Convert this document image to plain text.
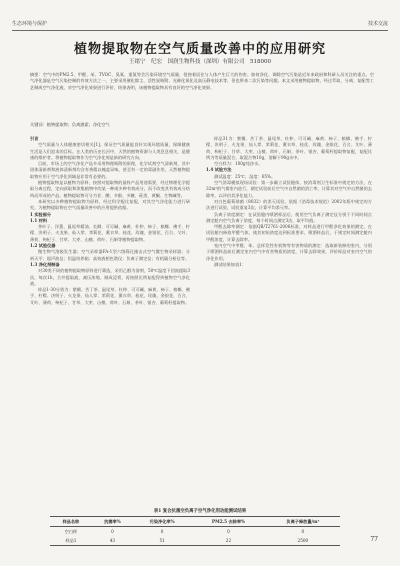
生态环境与保护	技术交流
植物提取物在空气质量改善中的应用研究
王绪宁　纪宏　国润生物科技（深圳）有限公司　518000
摘要：空气中的PM2.5、甲醛、苯、TVOC、臭氧、重氮等会污染环境空气质量，侵蚀着居住与人体产生巨大的伤害。如何净化、调除空气污染是近年来政府和科研人员关注的重点。空气净化器是空气污染控制的有效方法之一，主要采用催化除尘、活性炭吸附、光催化氧化及高压静电技术等，但也带来二次污染等问题。本文采用植物提取物，经过萃取、分离、复配等工艺制成空气净化液，对空气净化效果进行评价，结果表明，该植物提取物具有良好的空气净化效果。
关键词：植物提取物；负离激素；净化空气

引言

空气质量与人体健康密切相关[1]。保证空气质量能良好实现环境质量，保障健康生活是人们追求的目标。在人类的历史长河中，天然的植物资源与人类息息相关，是健康的维护者。将植物提取物作为空气净化剂是新的研究方向。

目前，市场上的空气净化产品多采用物理吸附的原理，化学试剂空气清新剂，其中固体清新剂和液体清新剂均含有香精以掩盖异味，甚至有一定的毒副作用，天然植物提取物应用于空气净化领域是非常有必要的。

植物提取物是以植物为原料，按照对提取物的最终产品用途需要，经过物理化学提取分离过程，定向获取和浓集植物中的某一种或多种有效成分，而不改变其有效成分结构而形成的产品。植物提取物可分为苷、酸、多酚、多糖、萜类、黄酮、生物碱等。

本研究以多种植物提取物为原料，经过科学配比复配，对其空气净化能力进行研究，为植物提取物在空气质量改善中的应用提供依据。

1 实验部分

1.1 材料

茶叶子、洋葱、鼠尾草精油、长柳、可可碱、麻黄、杜仲、柿子、槟榔、佛手、柠檬、决明子、火龙果、仙人掌、茉莉花、薰衣草、桂花、玫瑰、金银花、百合、艾叶、薄荷、枸杞子、甘草、大枣、山楂、荷叶、石斛等植物提取物。

1.2 试验仪器

微生物气溶胶发生器；空气采样器FA-1型六级筛孔撞击式空气微生物采样器；分析天平；超声波仪；恒温培养箱；高效液相色谱仪；负离子测定仪；有机碳分析仪等。

1.3 净化剂制备

对30类不同的植物提取物原料进行筛选，采用乙醇为溶剂，50℃温度下回流提取3次，每次1h，合并提取液，减压浓缩，制成浸膏，再按照比例复配得到植物空气净化液。

样品1-30分别为：紫檀、苦丁茶、鼠尾草、杜仲、可可碱、麻黄、柿子、槟榔、佛手、柠檬、决明子、火龙果、仙人掌、茉莉花、薰衣草、桂花、玫瑰、金银花、百合、艾叶、薄荷、枸杞子、甘草、大枣、山楂、荷叶、石斛、茶叶、银杏、葡萄籽提取物。

样品31为：紫檀、苦丁茶、鼠尾草、杜仲、可可碱、麻黄、柿子、槟榔、佛手、柠檬、决明子、火龙果、仙人掌、茉莉花、薰衣草、桂花、玫瑰、金银花、百合、艾叶、薄荷、枸杞子、甘草、大枣、山楂、荷叶、石斛、茶叶、银杏、葡萄籽提取物复配，复配比例为等质量混合，取混合物10g，溶解于90g水中。

空白样为：100g纯净水。

1.4 试验方法

测试温度：25℃，湿度：65%。

空气消毒模拟现场试验：第一步确立试验舱体，按消毒剂卫生标准中规定的方法，在32m³的气雾室内进行，测定试验前后空气中自然菌的消亡率，计算其对空气中自然菌的去除率，以评价其净化能力。

对白色葡萄球菌（8032）的杀灭试验，依据《消毒技术规范》2002年版中规定的方法进行试验，试验重复3次，计算平均杀灭率。

负离子浓度测定：在试验舱内喷洒样品后，使用空气负离子测定仪分别于不同时间点测定舱内空气负离子浓度，每个时间点测定3次，取平均值。

甲醛去除率测定：依据QB/T2761-2006标准，对样品进行甲醛净化效果的测定，在试验舱内释放甲醛气体，使其初始浓度达到标准要求，喷洒样品后，于规定时间测定舱内甲醛浓度，计算去除率。

室内空气中甲醛、苯、总挥发性有机物等有害物质的测定：选取新装修的室内，分别于喷洒样品前后测定室内空气中有害物质的浓度，计算去除效果，评价样品对室内空气的净化作用。

测试结果如表1：

表1 复合抗菌空负离子空气净化剂功能测试结果
样品名称	抗菌率%	污染净化率%	PM2.5 去除率%	负离子释放量/m³
空白样	0	0	0	0
样品1	43	51	22	2500	77
